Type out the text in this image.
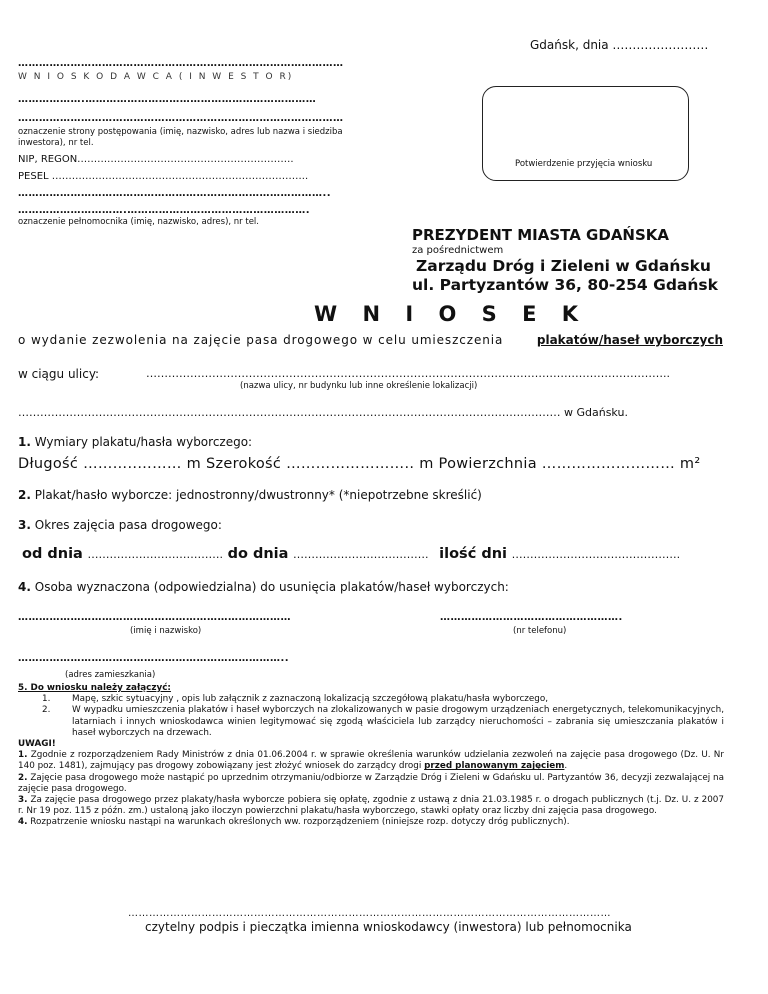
Gdańsk, dnia ……………………
…………………………………………………………………………………
W N I O S K O D A W C A ( I N W E S T O R)
……………….…………………………………………………………
…………………………………………………………………………………
oznaczenie strony postępowania (imię, nazwisko, adres lub nazwa i siedziba inwestora), nr tel.
NIP, REGON……….……………………………………………….
PESEL …………………………………………………………………..
……………………………………………………………………………..
………………………….…………………………………………….
oznaczenie pełnomocnika (imię, nazwisko, adres), nr tel.
Potwierdzenie przyjęcia wniosku
PREZYDENT MIASTA GDAŃSKA
za pośrednictwem
Zarządu Dróg i Zieleni w Gdańsku
ul. Partyzantów 36, 80-254 Gdańsk
W N I O S E K
o wydanie zezwolenia na zajęcie pasa drogowego w celu umieszczenia	plakatów/haseł wyborczych
w ciągu ulicy:	……………………………………………………………………………………………………………………………..
(nazwa ulicy, nr budynku lub inne określenie lokalizacji)
…………………….…………………………………………………………………………………………………………… w Gdańsku.
1. Wymiary plakatu/hasła wyborczego:
Długość ………..……… m Szerokość …………………….. m Powierzchnia ……………………… m²
2. Plakat/hasło wyborcze: jednostronny/dwustronny* (*niepotrzebne skreślić)
3. Okres zajęcia pasa drogowego:
od dnia ………………………………. do dnia ………………………………. ilość dni ……………………………………….
4. Osoba wyznaczona (odpowiedzialna) do usunięcia plakatów/haseł wyborczych:
……………………………………………………………………
(imię i nazwisko)
…………………………………………….
(nr telefonu)
…………………………………………………………………..
(adres zamieszkania)

5. Do wniosku należy załączyć:

1.	Mapę, szkic sytuacyjny , opis lub załącznik z zaznaczoną lokalizacją szczegółową plakatu/hasła wyborczego,
2.	W wypadku umieszczenia plakatów i haseł wyborczych na zlokalizowanych w pasie drogowym urządzeniach energetycznych, telekomunikacyjnych, latarniach i innych wnioskodawca winien legitymować się zgodą właściciela lub zarządcy nieruchomości – zabrania się umieszczania plakatów i haseł wyborczych na drzewach.

UWAGI!

1. Zgodnie z rozporządzeniem Rady Ministrów z dnia 01.06.2004 r. w sprawie określenia warunków udzielania zezwoleń na zajęcie pasa drogowego (Dz. U. Nr 140 poz. 1481), zajmujący pas drogowy zobowiązany jest złożyć wniosek do zarządcy drogi przed planowanym zajęciem.

2. Zajęcie pasa drogowego może nastąpić po uprzednim otrzymaniu/odbiorze w Zarządzie Dróg i Zieleni w Gdańsku ul. Partyzantów 36, decyzji zezwalającej na zajęcie pasa drogowego.

3. Za zajęcie pasa drogowego przez plakaty/hasła wyborcze pobiera się opłatę, zgodnie z ustawą z dnia 21.03.1985 r. o drogach publicznych (t.j. Dz. U. z 2007 r. Nr 19 poz. 115 z późn. zm.) ustaloną jako iloczyn powierzchni plakatu/hasła wyborczego, stawki opłaty oraz liczby dni zajęcia pasa drogowego.

4. Rozpatrzenie wniosku nastąpi na warunkach określonych ww. rozporządzeniem (niniejsze rozp. dotyczy dróg publicznych).

…………………………………………………………………………………………………………………………
czytelny podpis i pieczątka imienna wnioskodawcy (inwestora) lub pełnomocnika
